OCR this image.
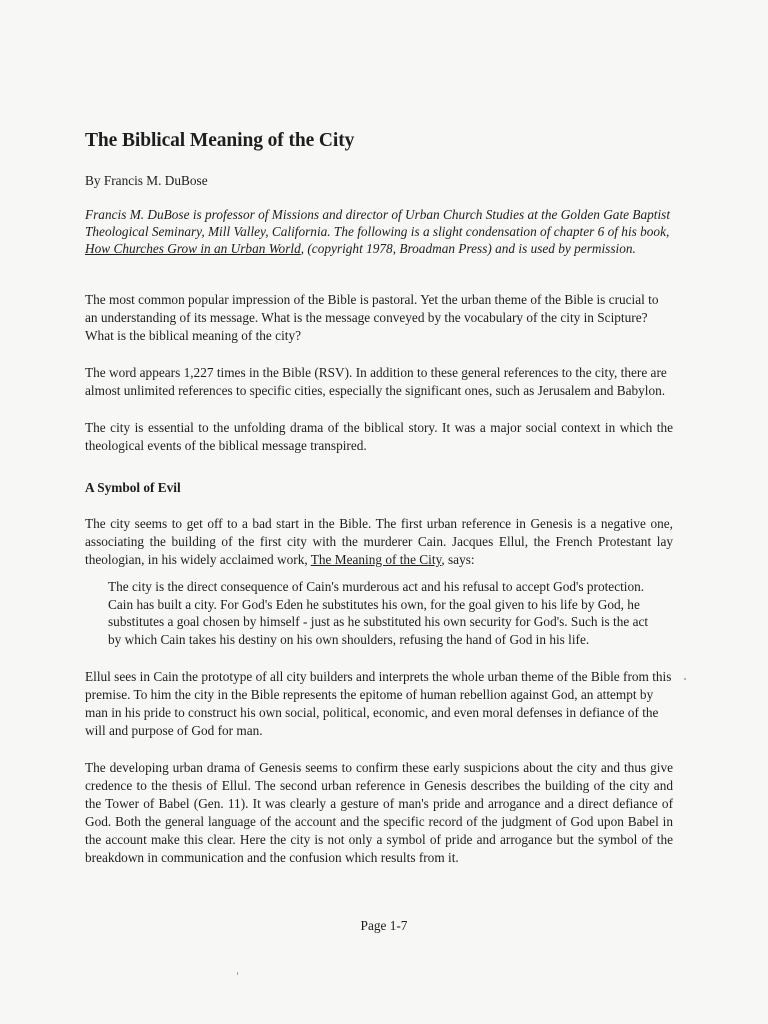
The Biblical Meaning of the City
By Francis M. DuBose
Francis M. DuBose is professor of Missions and director of Urban Church Studies at the Golden Gate Baptist Theological Seminary, Mill Valley, California. The following is a slight condensation of chapter 6 of his book, How Churches Grow in an Urban World, (copyright 1978, Broadman Press) and is used by permission.

The most common popular impression of the Bible is pastoral. Yet the urban theme of the Bible is crucial to an understanding of its message. What is the message conveyed by the vocabulary of the city in Scipture? What is the biblical meaning of the city?

The word appears 1,227 times in the Bible (RSV). In addition to these general references to the city, there are almost unlimited references to specific cities, especially the significant ones, such as Jerusalem and Babylon.

The city is essential to the unfolding drama of the biblical story. It was a major social context in which the theological events of the biblical message transpired.

A Symbol of Evil

The city seems to get off to a bad start in the Bible. The first urban reference in Genesis is a negative one, associating the building of the first city with the murderer Cain. Jacques Ellul, the French Protestant lay theologian, in his widely acclaimed work, The Meaning of the City, says:

The city is the direct consequence of Cain's murderous act and his refusal to accept God's protection. Cain has built a city. For God's Eden he substitutes his own, for the goal given to his life by God, he substitutes a goal chosen by himself - just as he substituted his own security for God's. Such is the act by which Cain takes his destiny on his own shoulders, refusing the hand of God in his life.

Ellul sees in Cain the prototype of all city builders and interprets the whole urban theme of the Bible from this premise. To him the city in the Bible represents the epitome of human rebellion against God, an attempt by man in his pride to construct his own social, political, economic, and even moral defenses in defiance of the will and purpose of God for man.

The developing urban drama of Genesis seems to confirm these early suspicions about the city and thus give credence to the thesis of Ellul. The second urban reference in Genesis describes the building of the city and the Tower of Babel (Gen. 11). It was clearly a gesture of man's pride and arrogance and a direct defiance of God. Both the general language of the account and the specific record of the judgment of God upon Babel in the account make this clear. Here the city is not only a symbol of pride and arrogance but the symbol of the breakdown in communication and the confusion which results from it.

Page 1-7
